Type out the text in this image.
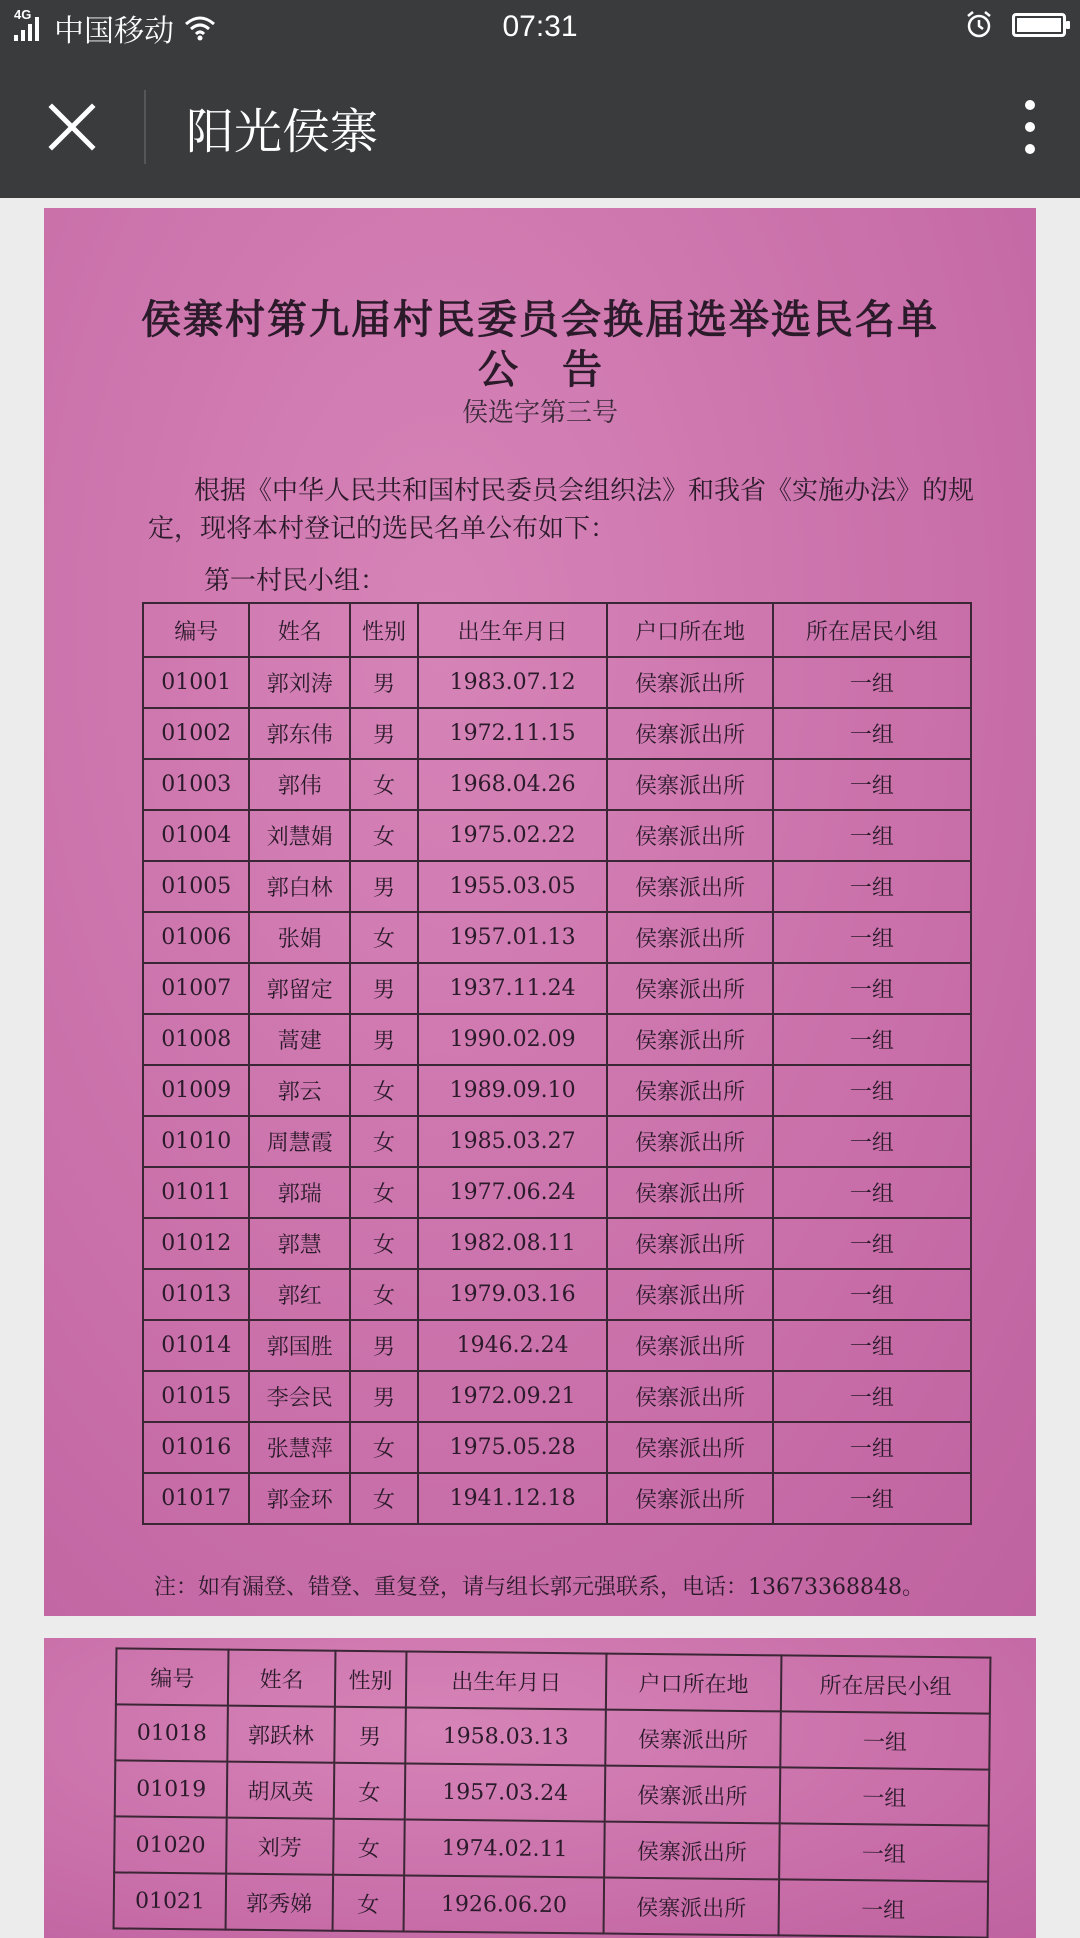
4G
中国移动	07:31
阳光侯寨
侯寨村第九届村民委员会换届选举选民名单
公告
侯选字第三号
根据《中华人民共和国村民委员会组织法》和我省《实施办法》的规定，现将本村登记的选民名单公布如下：
第一村民小组：
编号	姓名	性别	出生年月日	户口所在地	所在居民小组
01001	郭刘涛	男	1983.07.12	侯寨派出所	一组
01002	郭东伟	男	1972.11.15	侯寨派出所	一组
01003	郭伟	女	1968.04.26	侯寨派出所	一组
01004	刘慧娟	女	1975.02.22	侯寨派出所	一组
01005	郭白林	男	1955.03.05	侯寨派出所	一组
01006	张娟	女	1957.01.13	侯寨派出所	一组
01007	郭留定	男	1937.11.24	侯寨派出所	一组
01008	蒿建	男	1990.02.09	侯寨派出所	一组
01009	郭云	女	1989.09.10	侯寨派出所	一组
01010	周慧霞	女	1985.03.27	侯寨派出所	一组
01011	郭瑞	女	1977.06.24	侯寨派出所	一组
01012	郭慧	女	1982.08.11	侯寨派出所	一组
01013	郭红	女	1979.03.16	侯寨派出所	一组
01014	郭国胜	男	1946.2.24	侯寨派出所	一组
01015	李会民	男	1972.09.21	侯寨派出所	一组
01016	张慧萍	女	1975.05.28	侯寨派出所	一组
01017	郭金环	女	1941.12.18	侯寨派出所	一组
注：如有漏登、错登、重复登，请与组长郭元强联系，电话：13673368848。
编号	姓名	性别	出生年月日	户口所在地	所在居民小组
01018	郭跃林	男	1958.03.13	侯寨派出所	一组
01019	胡凤英	女	1957.03.24	侯寨派出所	一组
01020	刘芳	女	1974.02.11	侯寨派出所	一组
01021	郭秀娣	女	1926.06.20	侯寨派出所	一组
